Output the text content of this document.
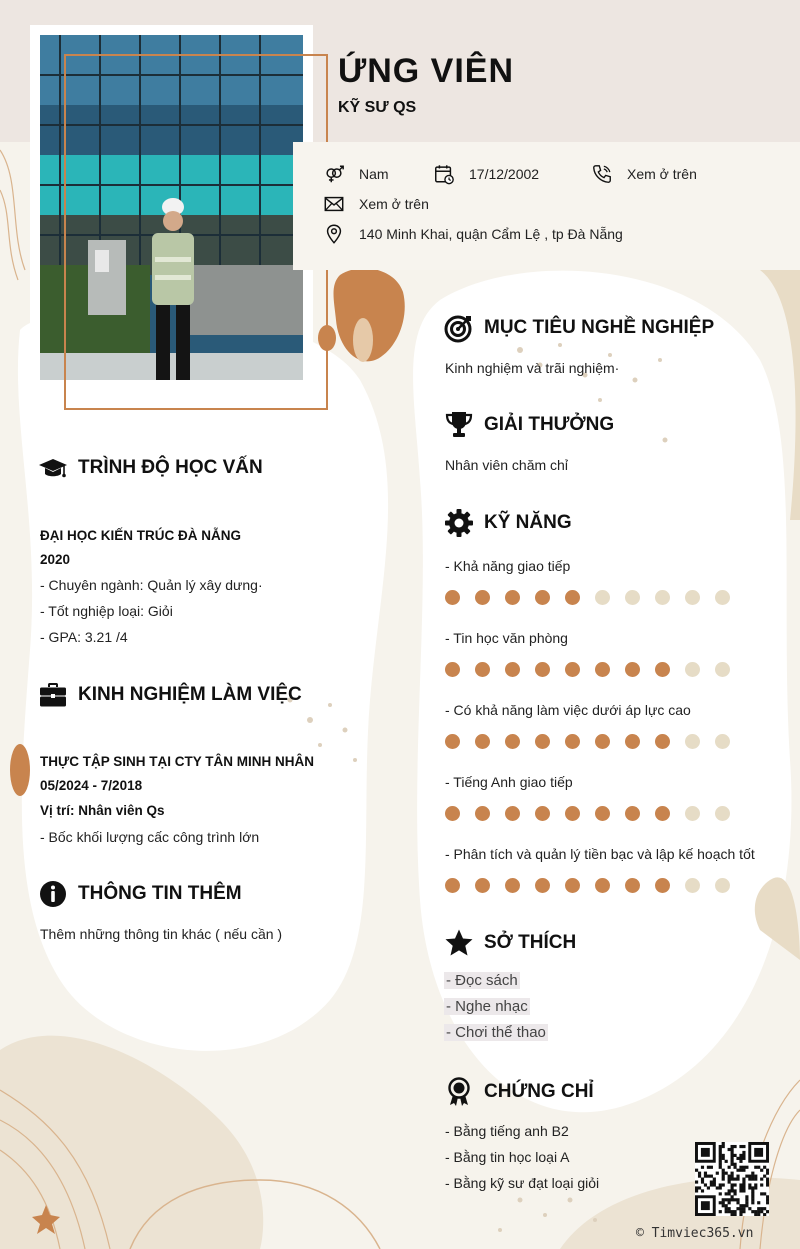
ỨNG VIÊN
KỸ SƯ QS
Nam	17/12/2002	Xem ở trên
Xem ở trên
140 Minh Khai, quận Cẩm Lệ , tp Đà Nẵng
TRÌNH ĐỘ HỌC VẤN
ĐẠI HỌC KIẾN TRÚC ĐÀ NẴNG
2020
- Chuyên ngành: Quản lý xây dưng·
- Tốt nghiệp loại: Giỏi
- GPA: 3.21 /4
KINH NGHIỆM LÀM VIỆC
THỰC TẬP SINH TẠI CTY TÂN MINH NHÂN
05/2024 - 7/2018
Vị trí: Nhân viên Qs
- Bốc khối lượng cấc công trình lớn
THÔNG TIN THÊM
Thêm những thông tin khác ( nếu cần )
MỤC TIÊU NGHỀ NGHIỆP
Kinh nghiệm và trãi nghiệm·
GIẢI THƯỞNG
Nhân viên chăm chỉ
KỸ NĂNG
- Khả năng giao tiếp
- Tin học văn phòng
- Có khả năng làm việc dưới áp lực cao
- Tiếng Anh giao tiếp
- Phân tích và quản lý tiền bạc và lập kế hoạch tốt
SỞ THÍCH
- Đọc sách
- Nghe nhạc
- Chơi thể thao
CHỨNG CHỈ
- Bằng tiếng anh B2
- Bằng tin học loại A
- Bằng kỹ sư đạt loại giỏi
© Timviec365.vn
